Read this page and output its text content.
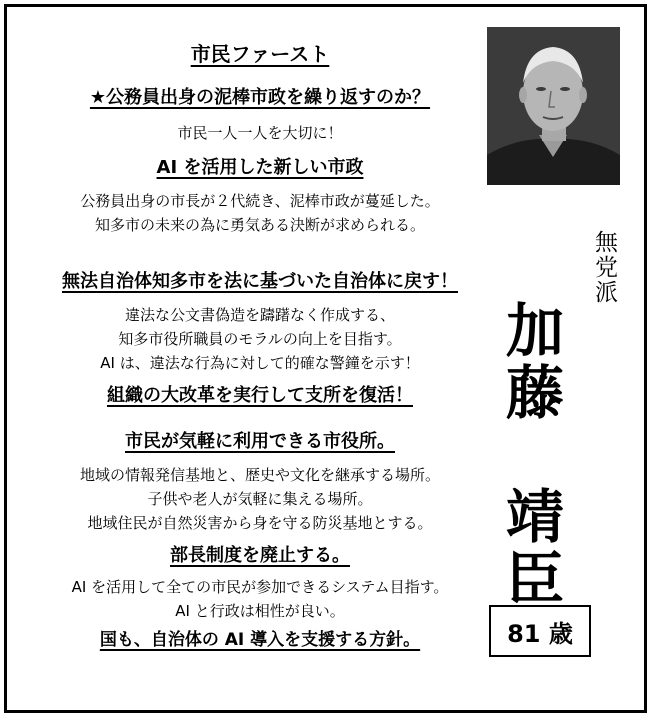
市民ファースト
★公務員出身の泥棒市政を繰り返すのか？

市民一人一人を大切に！

AI を活用した新しい市政

公務員出身の市長が２代続き、泥棒市政が蔓延した。

知多市の未来の為に勇気ある決断が求められる。

無法自治体知多市を法に基づいた自治体に戻す！

違法な公文書偽造を躊躇なく作成する、

知多市役所職員のモラルの向上を目指す。

AI は、違法な行為に対して的確な警鐘を示す！

組織の大改革を実行して支所を復活！
市民が気軽に利用できる市役所。

地域の情報発信基地と、歴史や文化を継承する場所。

子供や老人が気軽に集える場所。

地域住民が自然災害から身を守る防災基地とする。

部長制度を廃止する。

AI を活用して全ての市民が参加できるシステム目指す。

AI と行政は相性が良い。

国も、自治体の AI 導入を支援する方針。
無党派
加藤　靖臣
81 歳
